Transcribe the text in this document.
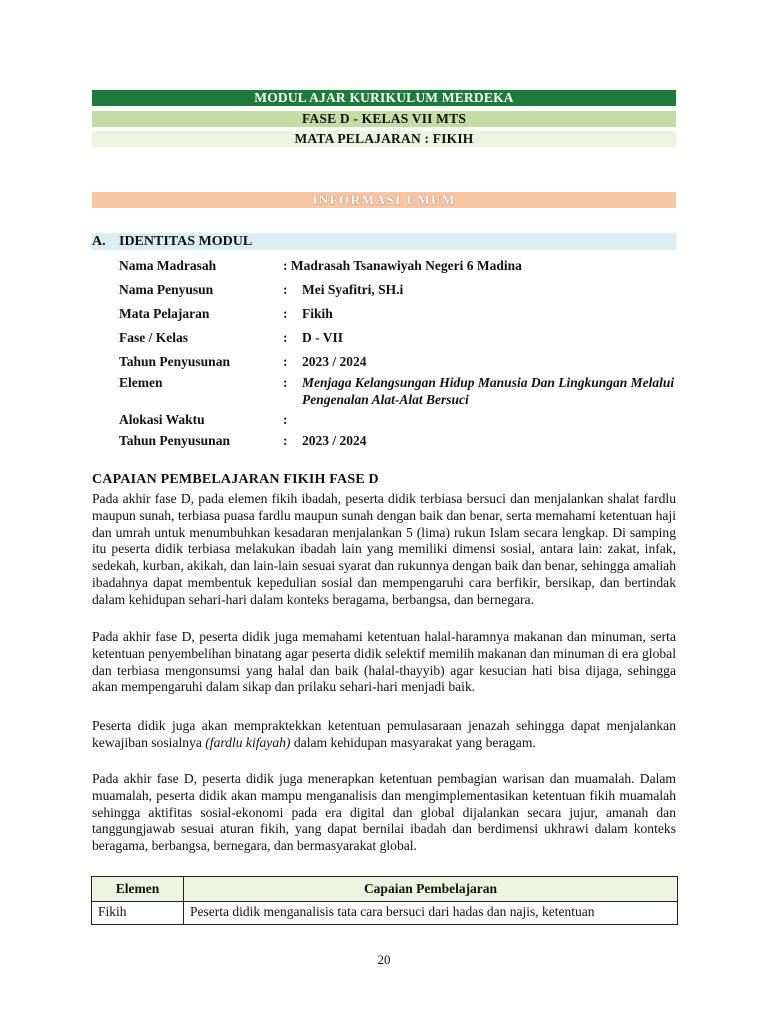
MODUL AJAR KURIKULUM MERDEKA
FASE D - KELAS VII MTS
MATA PELAJARAN : FIKIH
INFORMASI UMUM
A. IDENTITAS MODUL
Nama Madrasah	: Madrasah Tsanawiyah Negeri 6 Madina
Nama Penyusun	: Mei Syafitri, SH.i
Mata Pelajaran	: Fikih
Fase / Kelas	: D - VII
Tahun Penyusunan	: 2023 / 2024
Elemen	: Menjaga Kelangsungan Hidup Manusia Dan Lingkungan Melalui Pengenalan Alat-Alat Bersuci
Alokasi Waktu	:
Tahun Penyusunan	: 2023 / 2024
CAPAIAN PEMBELAJARAN FIKIH FASE D

Pada akhir fase D, pada elemen fikih ibadah, peserta didik terbiasa bersuci dan menjalankan shalat fardlu maupun sunah, terbiasa puasa fardlu maupun sunah dengan baik dan benar, serta memahami ketentuan haji dan umrah untuk menumbuhkan kesadaran menjalankan 5 (lima) rukun Islam secara lengkap. Di samping itu peserta didik terbiasa melakukan ibadah lain yang memiliki dimensi sosial, antara lain: zakat, infak, sedekah, kurban, akikah, dan lain-lain sesuai syarat dan rukunnya dengan baik dan benar, sehingga amaliah ibadahnya dapat membentuk kepedulian sosial dan mempengaruhi cara berfikir, bersikap, dan bertindak dalam kehidupan sehari-hari dalam konteks beragama, berbangsa, dan bernegara.

Pada akhir fase D, peserta didik juga memahami ketentuan halal-haramnya makanan dan minuman, serta ketentuan penyembelihan binatang agar peserta didik selektif memilih makanan dan minuman di era global dan terbiasa mengonsumsi yang halal dan baik (halal-thayyib) agar kesucian hati bisa dijaga, sehingga akan mempengaruhi dalam sikap dan prilaku sehari-hari menjadi baik.

Peserta didik juga akan mempraktekkan ketentuan pemulasaraan jenazah sehingga dapat menjalankan kewajiban sosialnya (fardlu kifayah) dalam kehidupan masyarakat yang beragam.

Pada akhir fase D, peserta didik juga menerapkan ketentuan pembagian warisan dan muamalah. Dalam muamalah, peserta didik akan mampu menganalisis dan mengimplementasikan ketentuan fikih muamalah sehingga aktifitas sosial-ekonomi pada era digital dan global dijalankan secara jujur, amanah dan tanggungjawab sesuai aturan fikih, yang dapat bernilai ibadah dan berdimensi ukhrawi dalam konteks beragama, berbangsa, bernegara, dan bermasyarakat global.

Elemen	Capaian Pembelajaran
Fikih	Peserta didik menganalisis tata cara bersuci dari hadas dan najis, ketentuan
20
